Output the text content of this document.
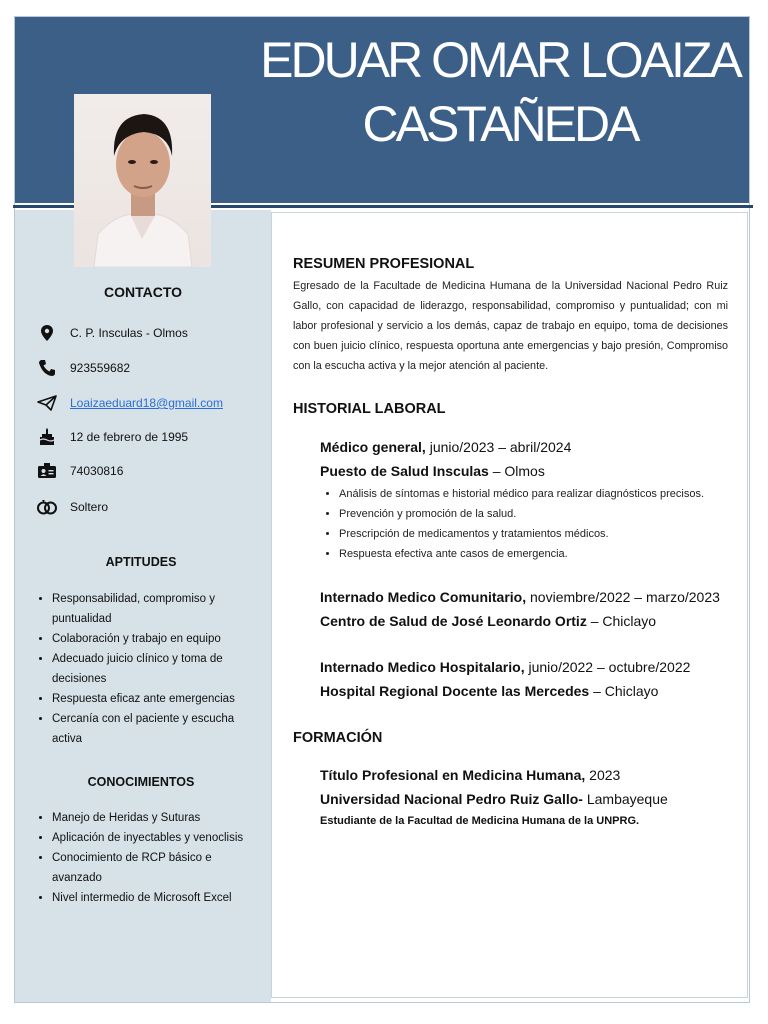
EDUAR OMAR LOAIZA
CASTAÑEDA
CONTACTO
C. P. Insculas - Olmos
923559682
Loaizaeduard18@gmail.com
12 de febrero de 1995
74030816
Soltero
APTITUDES
• Responsabilidad, compromiso y puntualidad
• Colaboración y trabajo en equipo
• Adecuado juicio clínico y toma de decisiones
• Respuesta eficaz ante emergencias
• Cercanía con el paciente y escucha activa
CONOCIMIENTOS
• Manejo de Heridas y Suturas
• Aplicación de inyectables y venoclisis
• Conocimiento de RCP básico e avanzado
• Nivel intermedio de Microsoft Excel
RESUMEN PROFESIONAL
Egresado de la Facultade de Medicina Humana de la Universidad Nacional Pedro Ruiz Gallo, con capacidad de liderazgo, responsabilidad, compromiso y puntualidad; con mi labor profesional y servicio a los demás, capaz de trabajo en equipo, toma de decisiones con buen juicio clínico, respuesta oportuna ante emergencias y bajo presión, Compromiso con la escucha activa y la mejor atención al paciente.
HISTORIAL LABORAL
Médico general, junio/2023 – abril/2024
Puesto de Salud Insculas – Olmos
• Análisis de síntomas e historial médico para realizar diagnósticos precisos.
• Prevención y promoción de la salud.
• Prescripción de medicamentos y tratamientos médicos.
• Respuesta efectiva ante casos de emergencia.
Internado Medico Comunitario, noviembre/2022 – marzo/2023
Centro de Salud de José Leonardo Ortiz – Chiclayo
Internado Medico Hospitalario, junio/2022 – octubre/2022
Hospital Regional Docente las Mercedes – Chiclayo
FORMACIÓN
Título Profesional en Medicina Humana, 2023
Universidad Nacional Pedro Ruiz Gallo- Lambayeque
Estudiante de la Facultad de Medicina Humana de la UNPRG.
